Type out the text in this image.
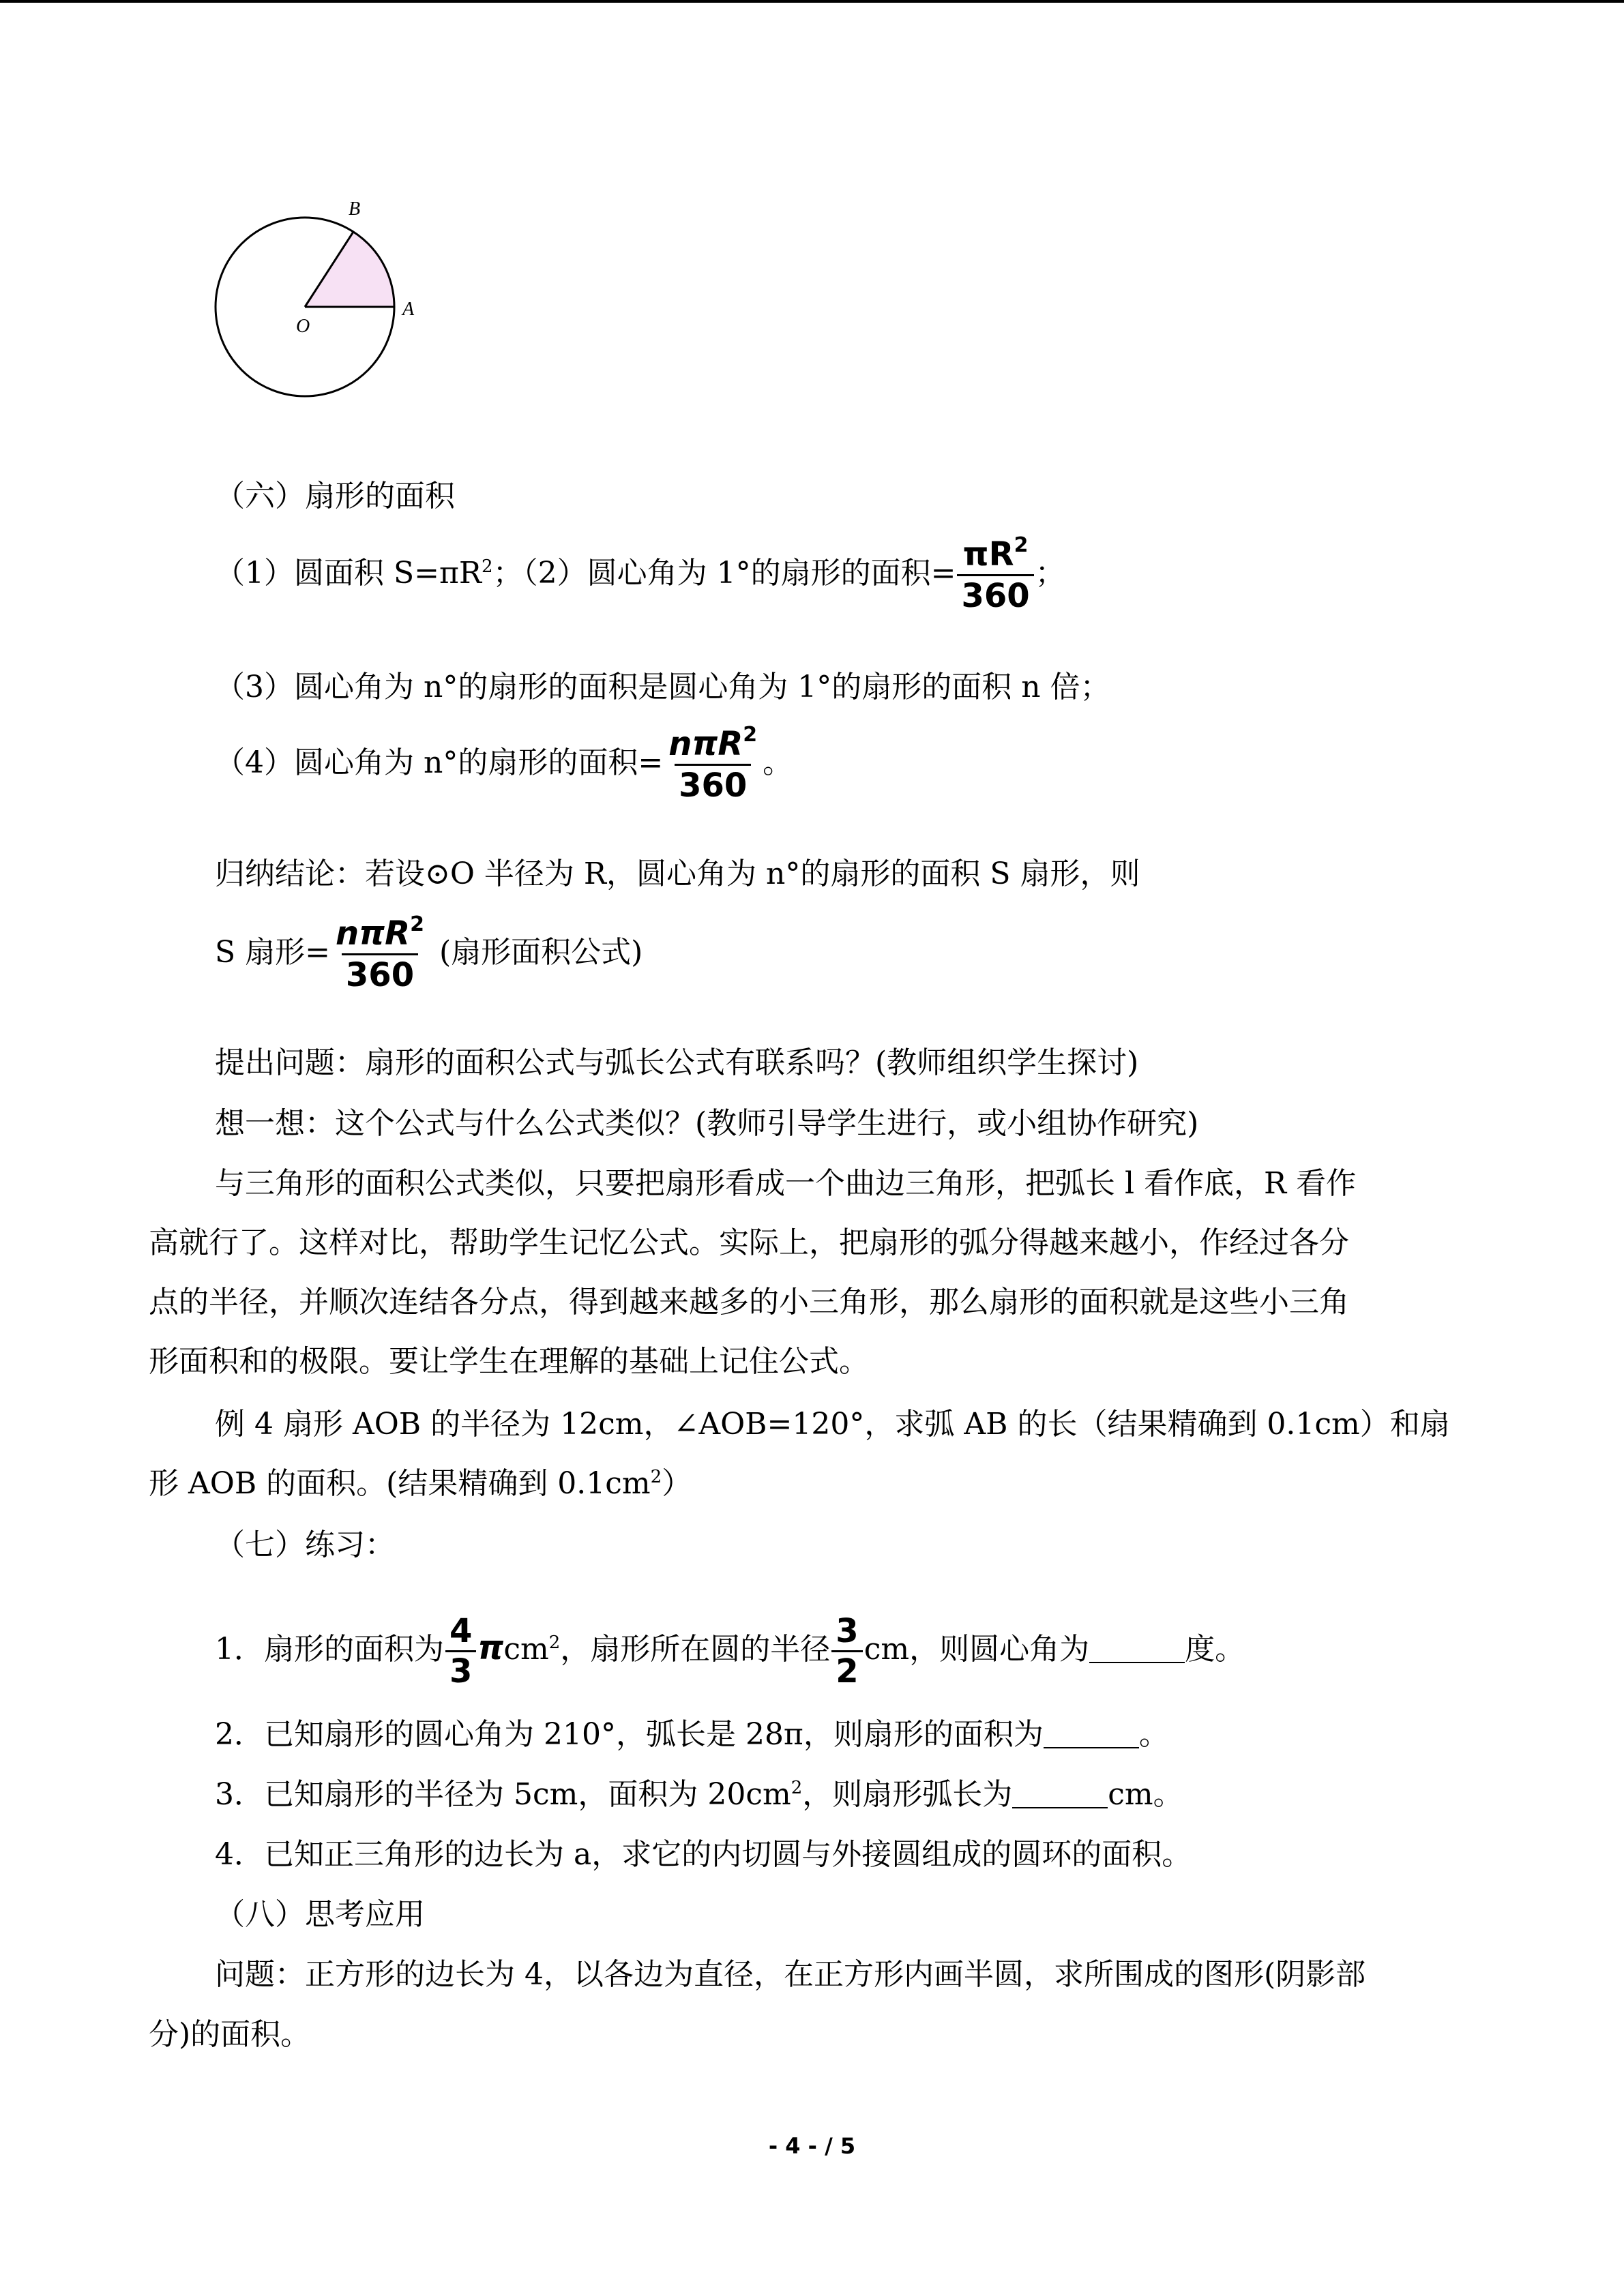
B
O
A
（六）扇形的面积
（1）圆面积 $S=\pi R^2$；（2）圆心角为 1°的扇形的面积= $\frac{\pi R^2}{360}$ ；
（3）圆心角为 n°的扇形的面积是圆心角为 1°的扇形的面积 n 倍；
（4）圆心角为 n°的扇形的面积= $\frac{n\pi R^2}{360}$ 。
归纳结论：若设⊙O 半径为 R，圆心角为 n°的扇形的面积 S 扇形，则
S 扇形= $\frac{n\pi R^2}{360}$ (扇形面积公式)
提出问题：扇形的面积公式与弧长公式有联系吗？(教师组织学生探讨)
想一想：这个公式与什么公式类似？(教师引导学生进行，或小组协作研究)
与三角形的面积公式类似，只要把扇形看成一个曲边三角形，把弧长 l 看作底，R 看作
高就行了。这样对比，帮助学生记忆公式。实际上，把扇形的弧分得越来越小，作经过各分
点的半径，并顺次连结各分点，得到越来越多的小三角形，那么扇形的面积就是这些小三角
形面积和的极限。要让学生在理解的基础上记住公式。
例 4 扇形 AOB 的半径为 12cm，∠AOB=120°，求弧 AB 的长（结果精确到 0.1cm）和扇
形 AOB 的面积。(结果精确到 $0.1cm^2$）
（七）练习：
1．扇形的面积为 $\frac{4}{3} \pi cm^2$，扇形所在圆的半径 $\frac{3}{2}$ cm，则圆心角为	度。
2．已知扇形的圆心角为 210°，弧长是 28π，则扇形的面积为	。
3．已知扇形的半径为 5cm，面积为 $20cm^2$，则扇形弧长为	cm。
4．已知正三角形的边长为 a，求它的内切圆与外接圆组成的圆环的面积。
（八）思考应用
问题：正方形的边长为 4，以各边为直径，在正方形内画半圆，求所围成的图形(阴影部
分)的面积。
- 4 - / 5
